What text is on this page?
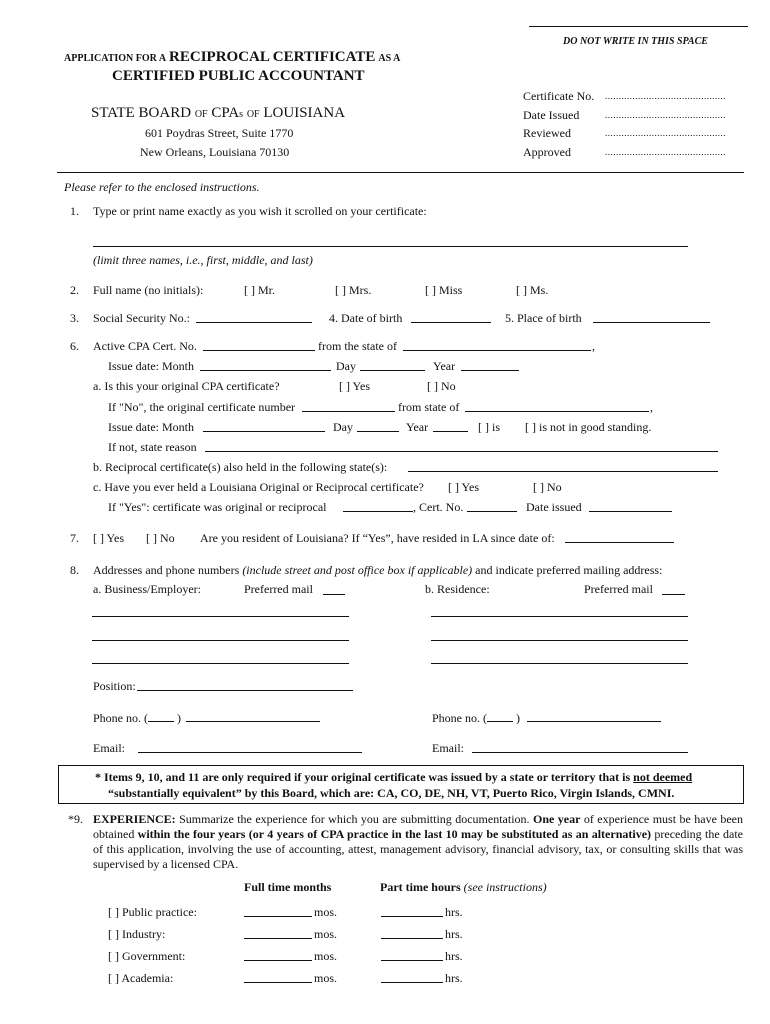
DO NOT WRITE IN THIS SPACE
APPLICATION FOR A RECIPROCAL CERTIFICATE AS A
CERTIFIED PUBLIC ACCOUNTANT
STATE BOARD OF CPAs OF LOUISIANA
601 Poydras Street, Suite 1770
New Orleans, Louisiana 70130
Certificate No. ............................................
Date Issued	............................................
Reviewed	............................................
Approved	............................................
Please refer to the enclosed instructions.
1. Type or print name exactly as you wish it scrolled on your certificate:
(limit three names, i.e., first, middle, and last)
2. Full name (no initials):	[ ] Mr.	[ ] Mrs.	[ ] Miss	[ ] Ms.
3. Social Security No.:	4. Date of birth	5. Place of birth
6. Active CPA Cert. No.	from the state of	,
Issue date: Month	Day	Year
a. Is this your original CPA certificate?	[ ] Yes	[ ] No
If "No", the original certificate number	from state of	,
Issue date: Month	Day	Year	[ ] is [ ] is not in good standing.
If not, state reason
b. Reciprocal certificate(s) also held in the following state(s):
c. Have you ever held a Louisiana Original or Reciprocal certificate? [ ] Yes	[ ] No
If "Yes": certificate was original or reciprocal	, Cert. No.	Date issued
7. [ ] Yes [ ] No Are you resident of Louisiana? If “Yes”, have resided in LA since date of:
8. Addresses and phone numbers (include street and post office box if applicable) and indicate preferred mailing address:
a. Business/Employer:	Preferred mail	b. Residence:	Preferred mail
Position:
Phone no. ( )	Phone no. ( )
Email:	Email:
* Items 9, 10, and 11 are only required if your original certificate was issued by a state or territory that is not deemed
“substantially equivalent” by this Board, which are: CA, CO, DE, NH, VT, Puerto Rico, Virgin Islands, CMNI.
*9. EXPERIENCE: Summarize the experience for which you are submitting documentation. One year of experience must be have been obtained within the four years (or 4 years of CPA practice in the last 10 may be substituted as an alternative) preceding the date of this application, involving the use of accounting, attest, management advisory, financial advisory, tax, or consulting skills that was supervised by a licensed CPA.
Full time months	Part time hours (see instructions)
[ ] Public practice:	mos.	hrs.
[ ] Industry:	mos.	hrs.
[ ] Government:	mos.	hrs.
[ ] Academia:	mos.	hrs.
